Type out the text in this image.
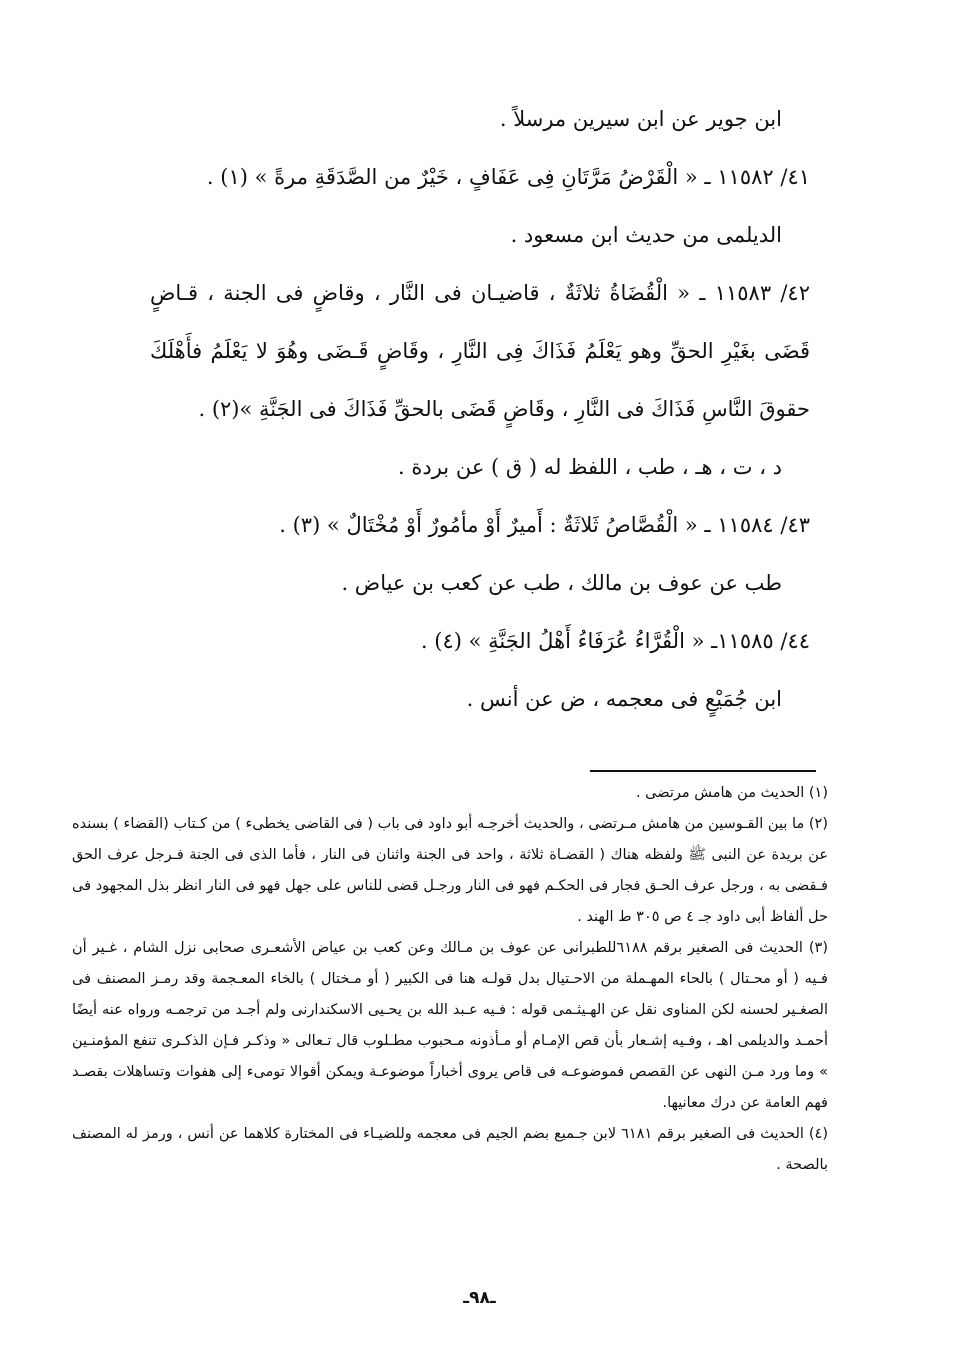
ابن جوير عن ابن سيرين مرسلاً .

٤١/ ١١٥٨٢ ـ « الْقَرْضُ مَرَّتَانِ فِى عَفَافٍ ، خَيْرٌ من الصَّدَقَةِ مرةً » (١) .

الديلمى من حديث ابن مسعود .

٤٢/ ١١٥٨٣ ـ « الْقُضَاةُ ثلاثَةٌ ، قاضيـان فى النَّار ، وقاضٍ فى الجنة ، قـاضٍ قَضَى بغَيْرِ الحقِّ وهو يَعْلَمُ فَذَاكَ فِى النَّارِ ، وقَاضٍ قَـضَى وهُوَ لا يَعْلَمُ فأَهْلَكَ حقوقَ النَّاسِ فَذَاكَ فى النَّارِ ، وقَاضٍ قَضَى بالحقِّ فَذَاكَ فى الجَنَّةِ »(٢) .

د ، ت ، هـ ، طب ، اللفظ له ( ق ) عن بردة .

٤٣/ ١١٥٨٤ ـ « الْقُصَّاصُ ثَلاثَةٌ : أَميرٌ أَوْ مأمُورٌ أَوْ مُخْتَالٌ » (٣) .

طب عن عوف بن مالك ، طب عن كعب بن عياض .

٤٤/ ١١٥٨٥ـ « الْقُرَّاءُ عُرَفَاءُ أَهْلُ الجَنَّةِ » (٤) .

ابن جُمَيْعٍ فى معجمه ، ض عن أنس .

(١) الحديث من هامش مرتضى .

(٢) ما بين القـوسين من هامش مـرتضى ، والحديث أخرجـه أبو داود فى باب ( فى القاضى يخطىء ) من كـتاب (القضاء ) بسنده عن بريدة عن النبى ﷺ ولفظه هناك ( القضـاة ثلاثة ، واحد فى الجنة واثنان فى النار ، فأما الذى فى الجنة فـرجل عرف الحق فـقضى به ، ورجل عرف الحـق فجار فى الحكـم فهو فى النار ورجـل قضى للناس على جهل فهو فى النار انظر بذل المجهود فى حل ألفاظ أبى داود جـ ٤ ص ٣٠٥ ط الهند .

(٣) الحديث فى الصغير برقم ٦١٨٨للطبرانى عن عوف بن مـالك وعن كعب بن عياض الأشعـرى صحابى نزل الشام ، غـير أن فـيه ( أو محـتال ) بالحاء المهـملة من الاحـتيال بدل قولـه هنا فى الكبير ( أو مـختال ) بالخاء المعـجمة وقد رمـز المصنف فى الصغـير لحسنه لكن المناوى نقل عن الهـيثـمى قوله : فـيه عـبد الله بن يحـيى الاسكندارنى ولم أجـد من ترجمـه ورواه عنه أيضًا أحمـد والديلمى اهـ ، وفـيه إشـعار بأن قص الإمـام أو مـأذونه مـحبوب مطـلوب قال تـعالى « وذكـر فـإن الذكـرى تنفع المؤمنـين » وما ورد مـن النهى عن القصص فموضوعـه فى قاص يروى أخباراً موضوعـة ويمكن أقوالا تومىء إلى هفوات وتساهلات بقصـد فهم العامة عن درك معانيها.

(٤) الحديث فى الصغير برقم ٦١٨١ لابن جـميع بضم الجيم فى معجمه وللضيـاء فى المختارة كلاهما عن أنس ، ورمز له المصنف بالصحة .

ـ٩٨ـ
